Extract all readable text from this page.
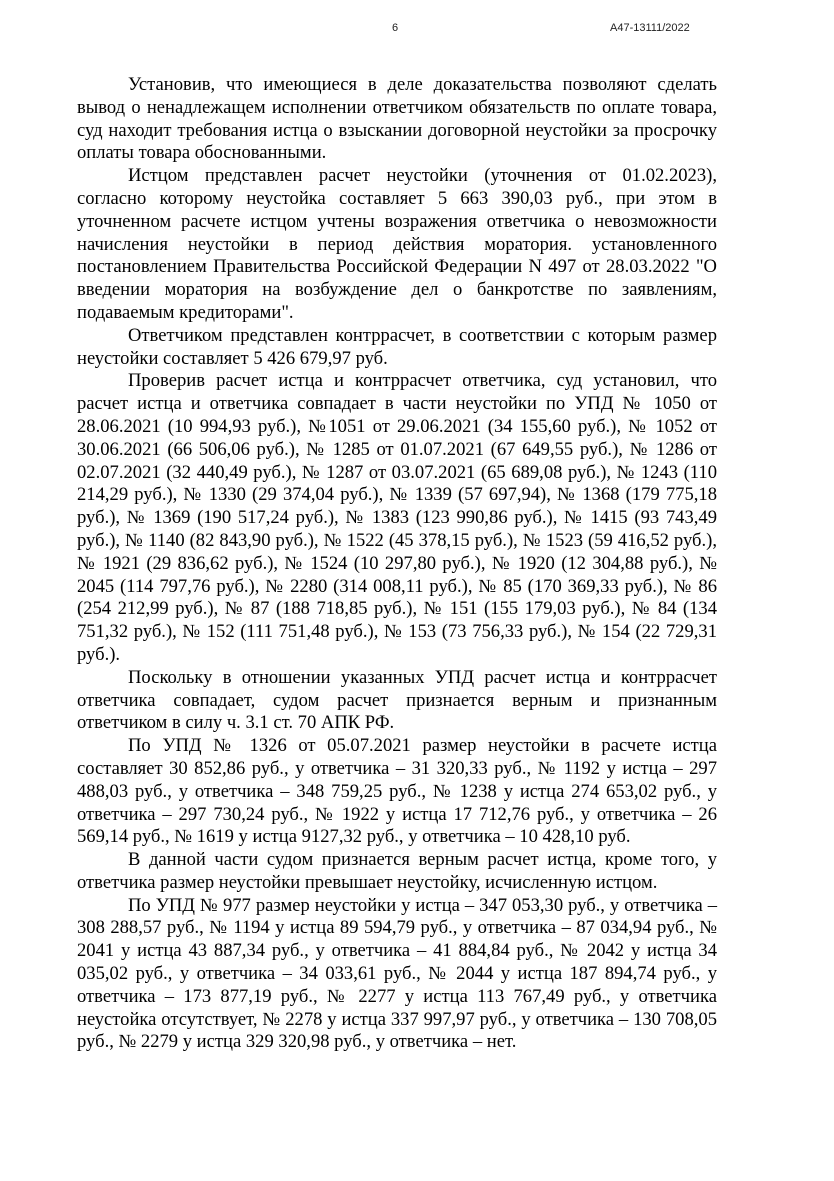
6	А47-13111/2022

Установив, что имеющиеся в деле доказательства позволяют сделать вывод о ненадлежащем исполнении ответчиком обязательств по оплате товара, суд находит требования истца о взыскании договорной неустойки за просрочку оплаты товара обоснованными.

Истцом представлен расчет неустойки (уточнения от 01.02.2023), согласно которому неустойка составляет 5 663 390,03 руб., при этом в уточненном расчете истцом учтены возражения ответчика о невозможности начисления неустойки в период действия моратория. установленного постановлением Правительства Российской Федерации N 497 от 28.03.2022 "О введении моратория на возбуждение дел о банкротстве по заявлениям, подаваемым кредиторами".

Ответчиком представлен контррасчет, в соответствии с которым размер неустойки составляет 5 426 679,97 руб.

Проверив расчет истца и контррасчет ответчика, суд установил, что расчет истца и ответчика совпадает в части неустойки по УПД № 1050 от 28.06.2021 (10 994,93 руб.), №1051 от 29.06.2021 (34 155,60 руб.), № 1052 от 30.06.2021 (66 506,06 руб.), № 1285 от 01.07.2021 (67 649,55 руб.), № 1286 от 02.07.2021 (32 440,49 руб.), № 1287 от 03.07.2021 (65 689,08 руб.), № 1243 (110 214,29 руб.), № 1330 (29 374,04 руб.), № 1339 (57 697,94), № 1368 (179 775,18 руб.), № 1369 (190 517,24 руб.), № 1383 (123 990,86 руб.), № 1415 (93 743,49 руб.), № 1140 (82 843,90 руб.), № 1522 (45 378,15 руб.), № 1523 (59 416,52 руб.), № 1921 (29 836,62 руб.), № 1524 (10 297,80 руб.), № 1920 (12 304,88 руб.), № 2045 (114 797,76 руб.), № 2280 (314 008,11 руб.), № 85 (170 369,33 руб.), № 86 (254 212,99 руб.), № 87 (188 718,85 руб.), № 151 (155 179,03 руб.), № 84 (134 751,32 руб.), № 152 (111 751,48 руб.), № 153 (73 756,33 руб.), № 154 (22 729,31 руб.).

Поскольку в отношении указанных УПД расчет истца и контррасчет ответчика совпадает, судом расчет признается верным и признанным ответчиком в силу ч. 3.1 ст. 70 АПК РФ.

По УПД № 1326 от 05.07.2021 размер неустойки в расчете истца составляет 30 852,86 руб., у ответчика – 31 320,33 руб., № 1192 у истца – 297 488,03 руб., у ответчика – 348 759,25 руб., № 1238 у истца 274 653,02 руб., у ответчика – 297 730,24 руб., № 1922 у истца 17 712,76 руб., у ответчика – 26 569,14 руб., № 1619 у истца 9127,32 руб., у ответчика – 10 428,10 руб.

В данной части судом признается верным расчет истца, кроме того, у ответчика размер неустойки превышает неустойку, исчисленную истцом.

По УПД № 977 размер неустойки у истца – 347 053,30 руб., у ответчика – 308 288,57 руб., № 1194 у истца 89 594,79 руб., у ответчика – 87 034,94 руб., № 2041 у истца 43 887,34 руб., у ответчика – 41 884,84 руб., № 2042 у истца 34 035,02 руб., у ответчика – 34 033,61 руб., № 2044 у истца 187 894,74 руб., у ответчика – 173 877,19 руб., № 2277 у истца 113 767,49 руб., у ответчика неустойка отсутствует, № 2278 у истца 337 997,97 руб., у ответчика – 130 708,05 руб., № 2279 у истца 329 320,98 руб., у ответчика – нет.
